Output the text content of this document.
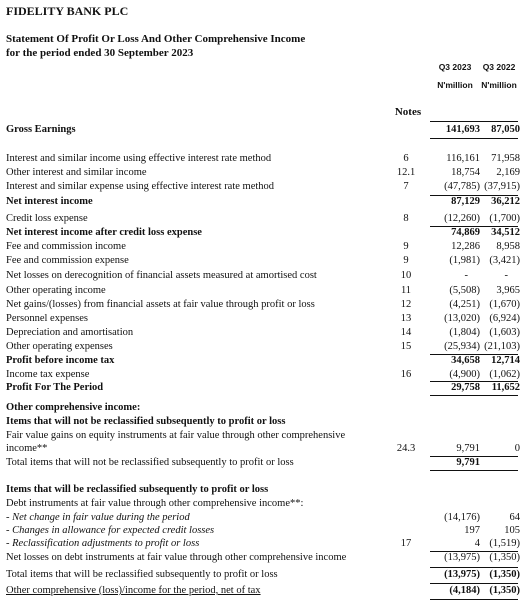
FIDELITY BANK PLC
Statement Of Profit Or Loss And Other Comprehensive Income
for the period ended 30 September 2023
Q3 2023	Q3 2022
N'million N'million
Notes
Gross Earnings	141,693	87,050
Interest and similar income using effective interest rate method	6	116,161	71,958
Other interest and similar income	12.1	18,754	2,169
Interest and similar expense using effective interest rate method	7	(47,785) (37,915)
Net interest income	87,129	36,212
Credit loss expense	8	(12,260) (1,700)
Net interest income after credit loss expense	74,869	34,512
Fee and commission income	9	12,286	8,958
Fee and commission expense	9	(1,981) (3,421)
Net losses on derecognition of financial assets measured at amortised cost	10	-	-
Other operating income	11	(5,508)	3,965
Net gains/(losses) from financial assets at fair value through profit or loss	12	(4,251) (1,670)
Personnel expenses	13	(13,020) (6,924)
Depreciation and amortisation	14	(1,804) (1,603)
Other operating expenses	15	(25,934) (21,103)
Profit before income tax	34,658	12,714
Income tax expense	16	(4,900) (1,062)
Profit For The Period	29,758	11,652
Other comprehensive income:
Items that will not be reclassified subsequently to profit or loss
Fair value gains on equity instruments at fair value through other comprehensive
income**	24.3	9,791	0
Total items that will not be reclassified subsequently to profit or loss	9,791
Items that will be reclassified subsequently to profit or loss
Debt instruments at fair value through other comprehensive income**:
- Net change in fair value during the period	(14,176)	64
- Changes in allowance for expected credit losses	197	105
- Reclassification adjustments to profit or loss	17	4 (1,519)
Net losses on debt instruments at fair value through other comprehensive income	(13,975) (1,350)
Total items that will be reclassified subsequently to profit or loss	(13,975) (1,350)
Other comprehensive (loss)/income for the period, net of tax	(4,184) (1,350)
